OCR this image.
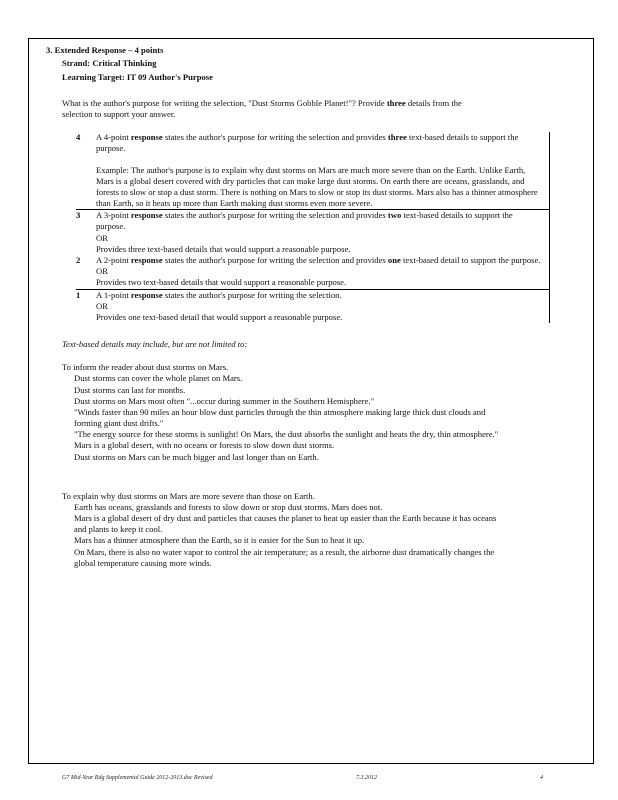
3. Extended Response – 4 points
Strand: Critical Thinking
Learning Target: IT 09 Author's Purpose
What is the author's purpose for writing the selection, "Dust Storms Gobble Planet!"? Provide three details from the selection to support your answer.
4	A 4-point response states the author's purpose for writing the selection and provides three text-based details to support the purpose.
Example: The author's purpose is to explain why dust storms on Mars are much more severe than on the Earth. Unlike Earth, Mars is a global desert covered with dry particles that can make large dust storms. On earth there are oceans, grasslands, and forests to slow or stop a dust storm. There is nothing on Mars to slow or stop its dust storms. Mars also has a thinner atmosphere than Earth, so it heats up more than Earth making dust storms even more severe.
3	A 3-point response states the author's purpose for writing the selection and provides two text-based details to support the purpose.
OR
Provides three text-based details that would support a reasonable purpose.
2	A 2-point response states the author's purpose for writing the selection and provides one text-based detail to support the purpose.
OR
Provides two text-based details that would support a reasonable purpose.
1	A 1-point response states the author's purpose for writing the selection.
OR
Provides one text-based detail that would support a reasonable purpose.
Text-based details may include, but are not limited to:
To inform the reader about dust storms on Mars.
Dust storms can cover the whole planet on Mars.
Dust storms can last for months.
Dust storms on Mars most often "...occur during summer in the Southern Hemisphere."
"Winds faster than 90 miles an hour blow dust particles through the thin atmosphere making large thick dust clouds and forming giant dust drifts."
"The energy source for these storms is sunlight! On Mars, the dust absorbs the sunlight and heats the dry, thin atmosphere."
Mars is a global desert, with no oceans or forests to slow down dust storms.
Dust storms on Mars can be much bigger and last longer than on Earth.
To explain why dust storms on Mars are more severe than those on Earth.
Earth has oceans, grasslands and forests to slow down or stop dust storms. Mars does not.
Mars is a global desert of dry dust and particles that causes the planet to heat up easier than the Earth because it has oceans and plants to keep it cool.
Mars has a thinner atmosphere than the Earth, so it is easier for the Sun to heat it up.
On Mars, there is also no water vapor to control the air temperature; as a result, the airborne dust dramatically changes the global temperature causing more winds.
G7 Mid-Year Rdg Supplemental Guide 2012-2013.doc Revised	7.3.2012	4
